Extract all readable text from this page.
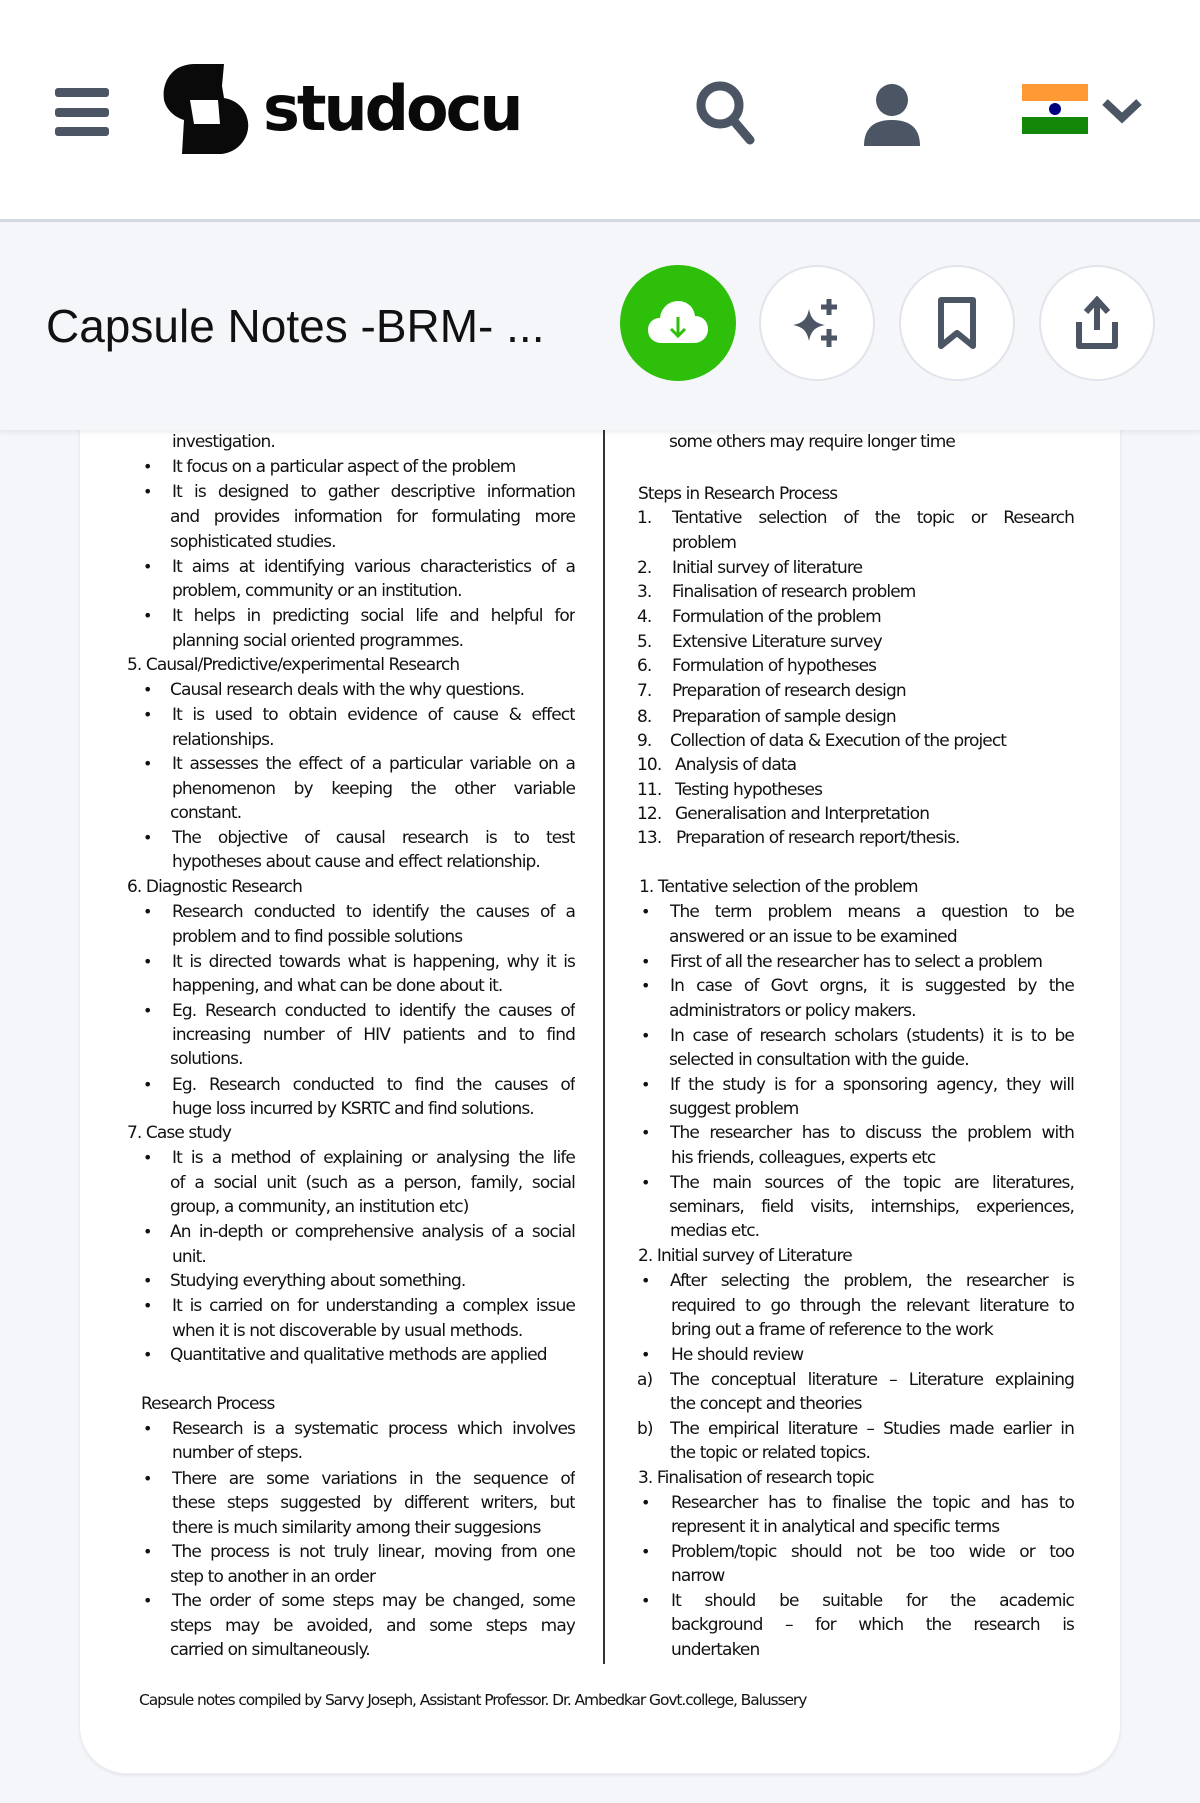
investigation.
• It focus on a particular aspect of the problem
• It is designed to gather descriptive information
and provides information for formulating more
sophisticated studies.
• It aims at identifying various characteristics of a
problem, community or an institution.
• It helps in predicting social life and helpful for
planning social oriented programmes.
5. Causal/Predictive/experimental Research
• Causal research deals with the why questions.
• It is used to obtain evidence of cause & effect
relationships.
• It assesses the effect of a particular variable on a
phenomenon by keeping the other variable
constant.
• The objective of causal research is to test
hypotheses about cause and effect relationship.
6. Diagnostic Research
• Research conducted to identify the causes of a
problem and to find possible solutions
• It is directed towards what is happening, why it is
happening, and what can be done about it.
• Eg. Research conducted to identify the causes of
increasing number of HIV patients and to find
solutions.
• Eg. Research conducted to find the causes of
huge loss incurred by KSRTC and find solutions.
7. Case study
• It is a method of explaining or analysing the life
of a social unit (such as a person, family, social
group, a community, an institution etc)
• An in-depth or comprehensive analysis of a social
unit.
• Studying everything about something.
• It is carried on for understanding a complex issue
when it is not discoverable by usual methods.
• Quantitative and qualitative methods are applied
Research Process
• Research is a systematic process which involves
number of steps.
• There are some variations in the sequence of
these steps suggested by different writers, but
there is much similarity among their suggesions
• The process is not truly linear, moving from one
step to another in an order
• The order of some steps may be changed, some
steps may be avoided, and some steps may
carried on simultaneously.
some others may require longer time
Steps in Research Process
1. Tentative selection of the topic or Research
problem
2. Initial survey of literature
3. Finalisation of research problem
4. Formulation of the problem
5. Extensive Literature survey
6. Formulation of hypotheses
7. Preparation of research design
8. Preparation of sample design
9. Collection of data & Execution of the project
10. Analysis of data
11. Testing hypotheses
12. Generalisation and Interpretation
13. Preparation of research report/thesis.
1. Tentative selection of the problem
• The term problem means a question to be
answered or an issue to be examined
• First of all the researcher has to select a problem
• In case of Govt orgns, it is suggested by the
administrators or policy makers.
• In case of research scholars (students) it is to be
selected in consultation with the guide.
• If the study is for a sponsoring agency, they will
suggest problem
• The researcher has to discuss the problem with
his friends, colleagues, experts etc
• The main sources of the topic are literatures,
seminars, field visits, internships, experiences,
medias etc.
2. Initial survey of Literature
• After selecting the problem, the researcher is
required to go through the relevant literature to
bring out a frame of reference to the work
• He should review
a) The conceptual literature – Literature explaining
the concept and theories
b) The empirical literature – Studies made earlier in
the topic or related topics.
3. Finalisation of research topic
• Researcher has to finalise the topic and has to
represent it in analytical and specific terms
• Problem/topic should not be too wide or too
narrow
• It should be suitable for the academic
background – for which the research is
undertaken
Capsule notes compiled by Sarvy Joseph, Assistant Professor. Dr. Ambedkar Govt.college, Balussery
studocu
Capsule Notes -BRM- ...
